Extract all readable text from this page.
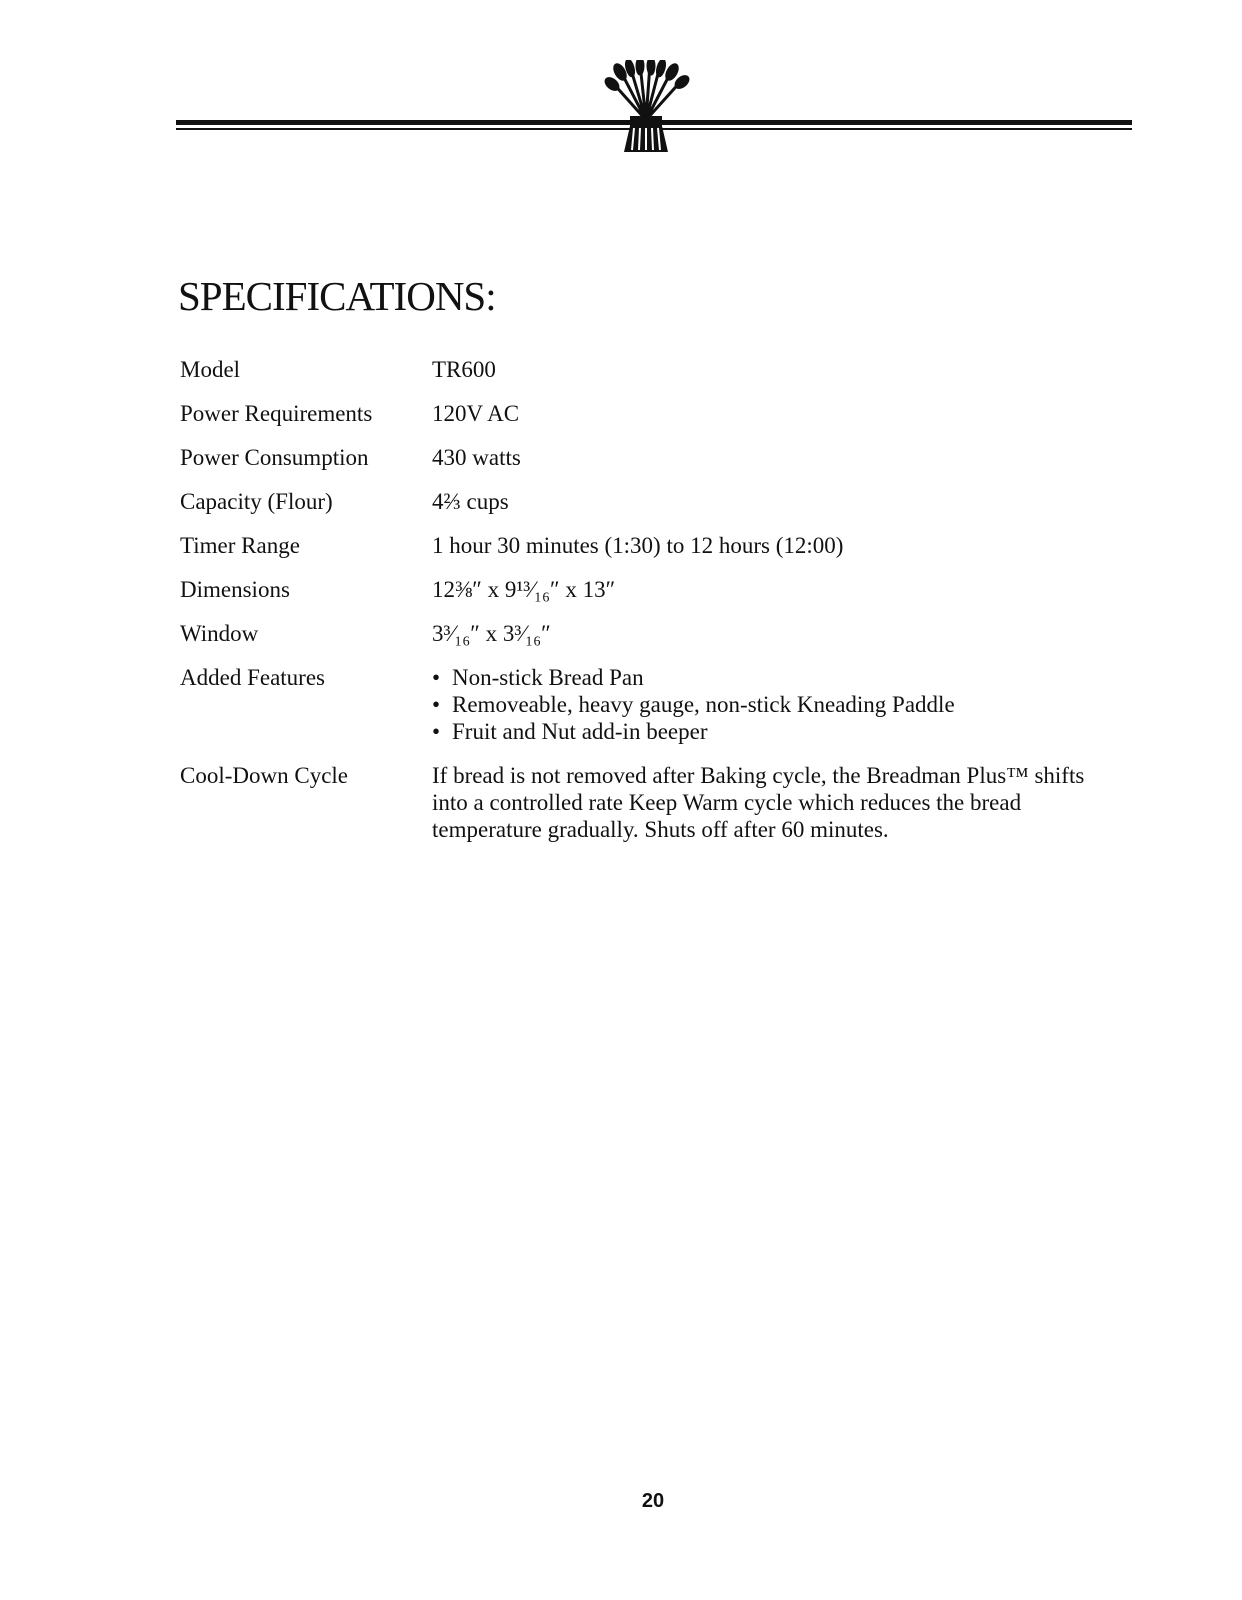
SPECIFICATIONS:
Model	TR600
Power Requirements	120V AC
Power Consumption	430 watts
Capacity (Flour)	4⅔ cups
Timer Range	1 hour 30 minutes (1:30) to 12 hours (12:00)
Dimensions	12⅜″ x 9¹³⁄₁₆″ x 13″
Window	3³⁄₁₆″ x 3³⁄₁₆″
Added Features	• Non-stick Bread Pan
• Removeable, heavy gauge, non-stick Kneading Paddle
• Fruit and Nut add-in beeper
Cool-Down Cycle	If bread is not removed after Baking cycle, the Breadman Plus™ shifts into a controlled rate Keep Warm cycle which reduces the bread temperature gradually. Shuts off after 60 minutes.
20
